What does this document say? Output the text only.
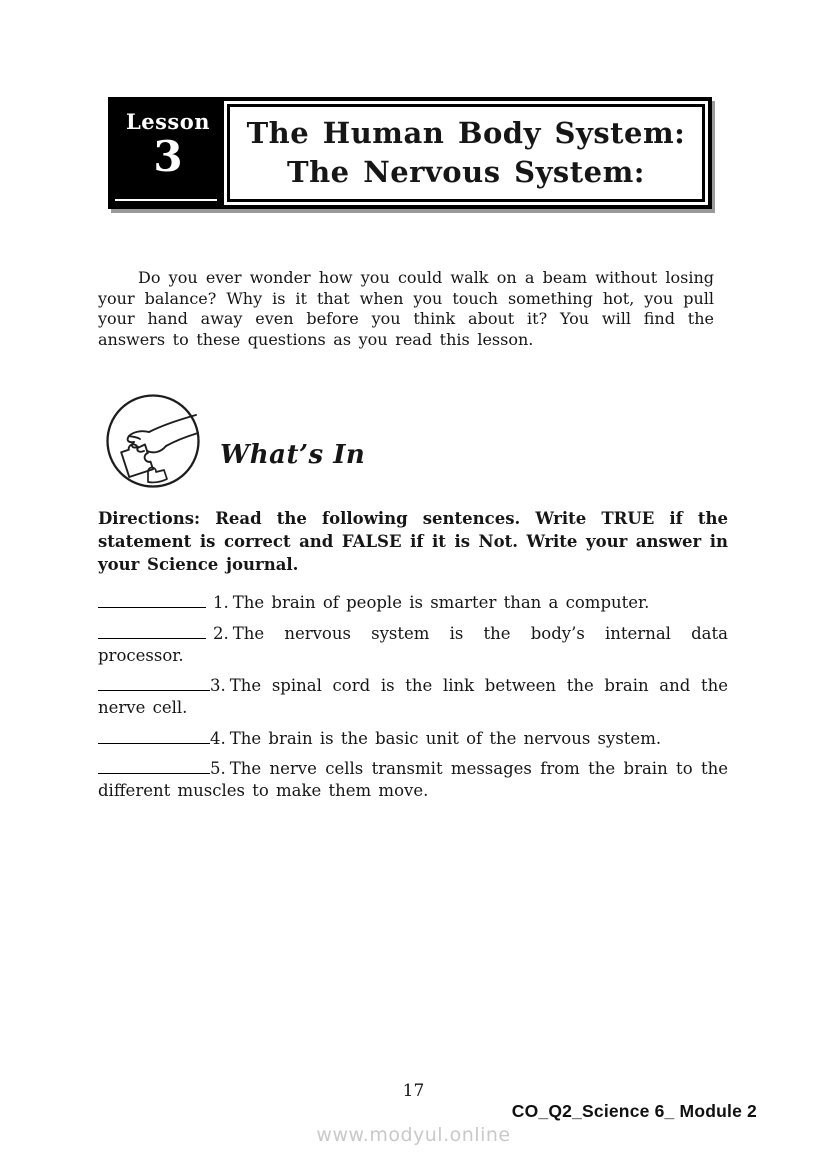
Lesson
3	The Human Body System:
The Nervous System:

Do you ever wonder how you could walk on a beam without losing your balance? Why is it that when you touch something hot, you pull your hand away even before you think about it? You will find the answers to these questions as you read this lesson.

What’s In

Directions: Read the following sentences. Write TRUE if the statement is correct and FALSE if it is Not. Write your answer in your Science journal.

1. The brain of people is smarter than a computer.

2. The nervous system is the body’s internal data processor.

3. The spinal cord is the link between the brain and the nerve cell.

4. The brain is the basic unit of the nervous system.

5. The nerve cells transmit messages from the brain to the different muscles to make them move.

17
CO_Q2_Science 6_ Module 2
www.modyul.online
